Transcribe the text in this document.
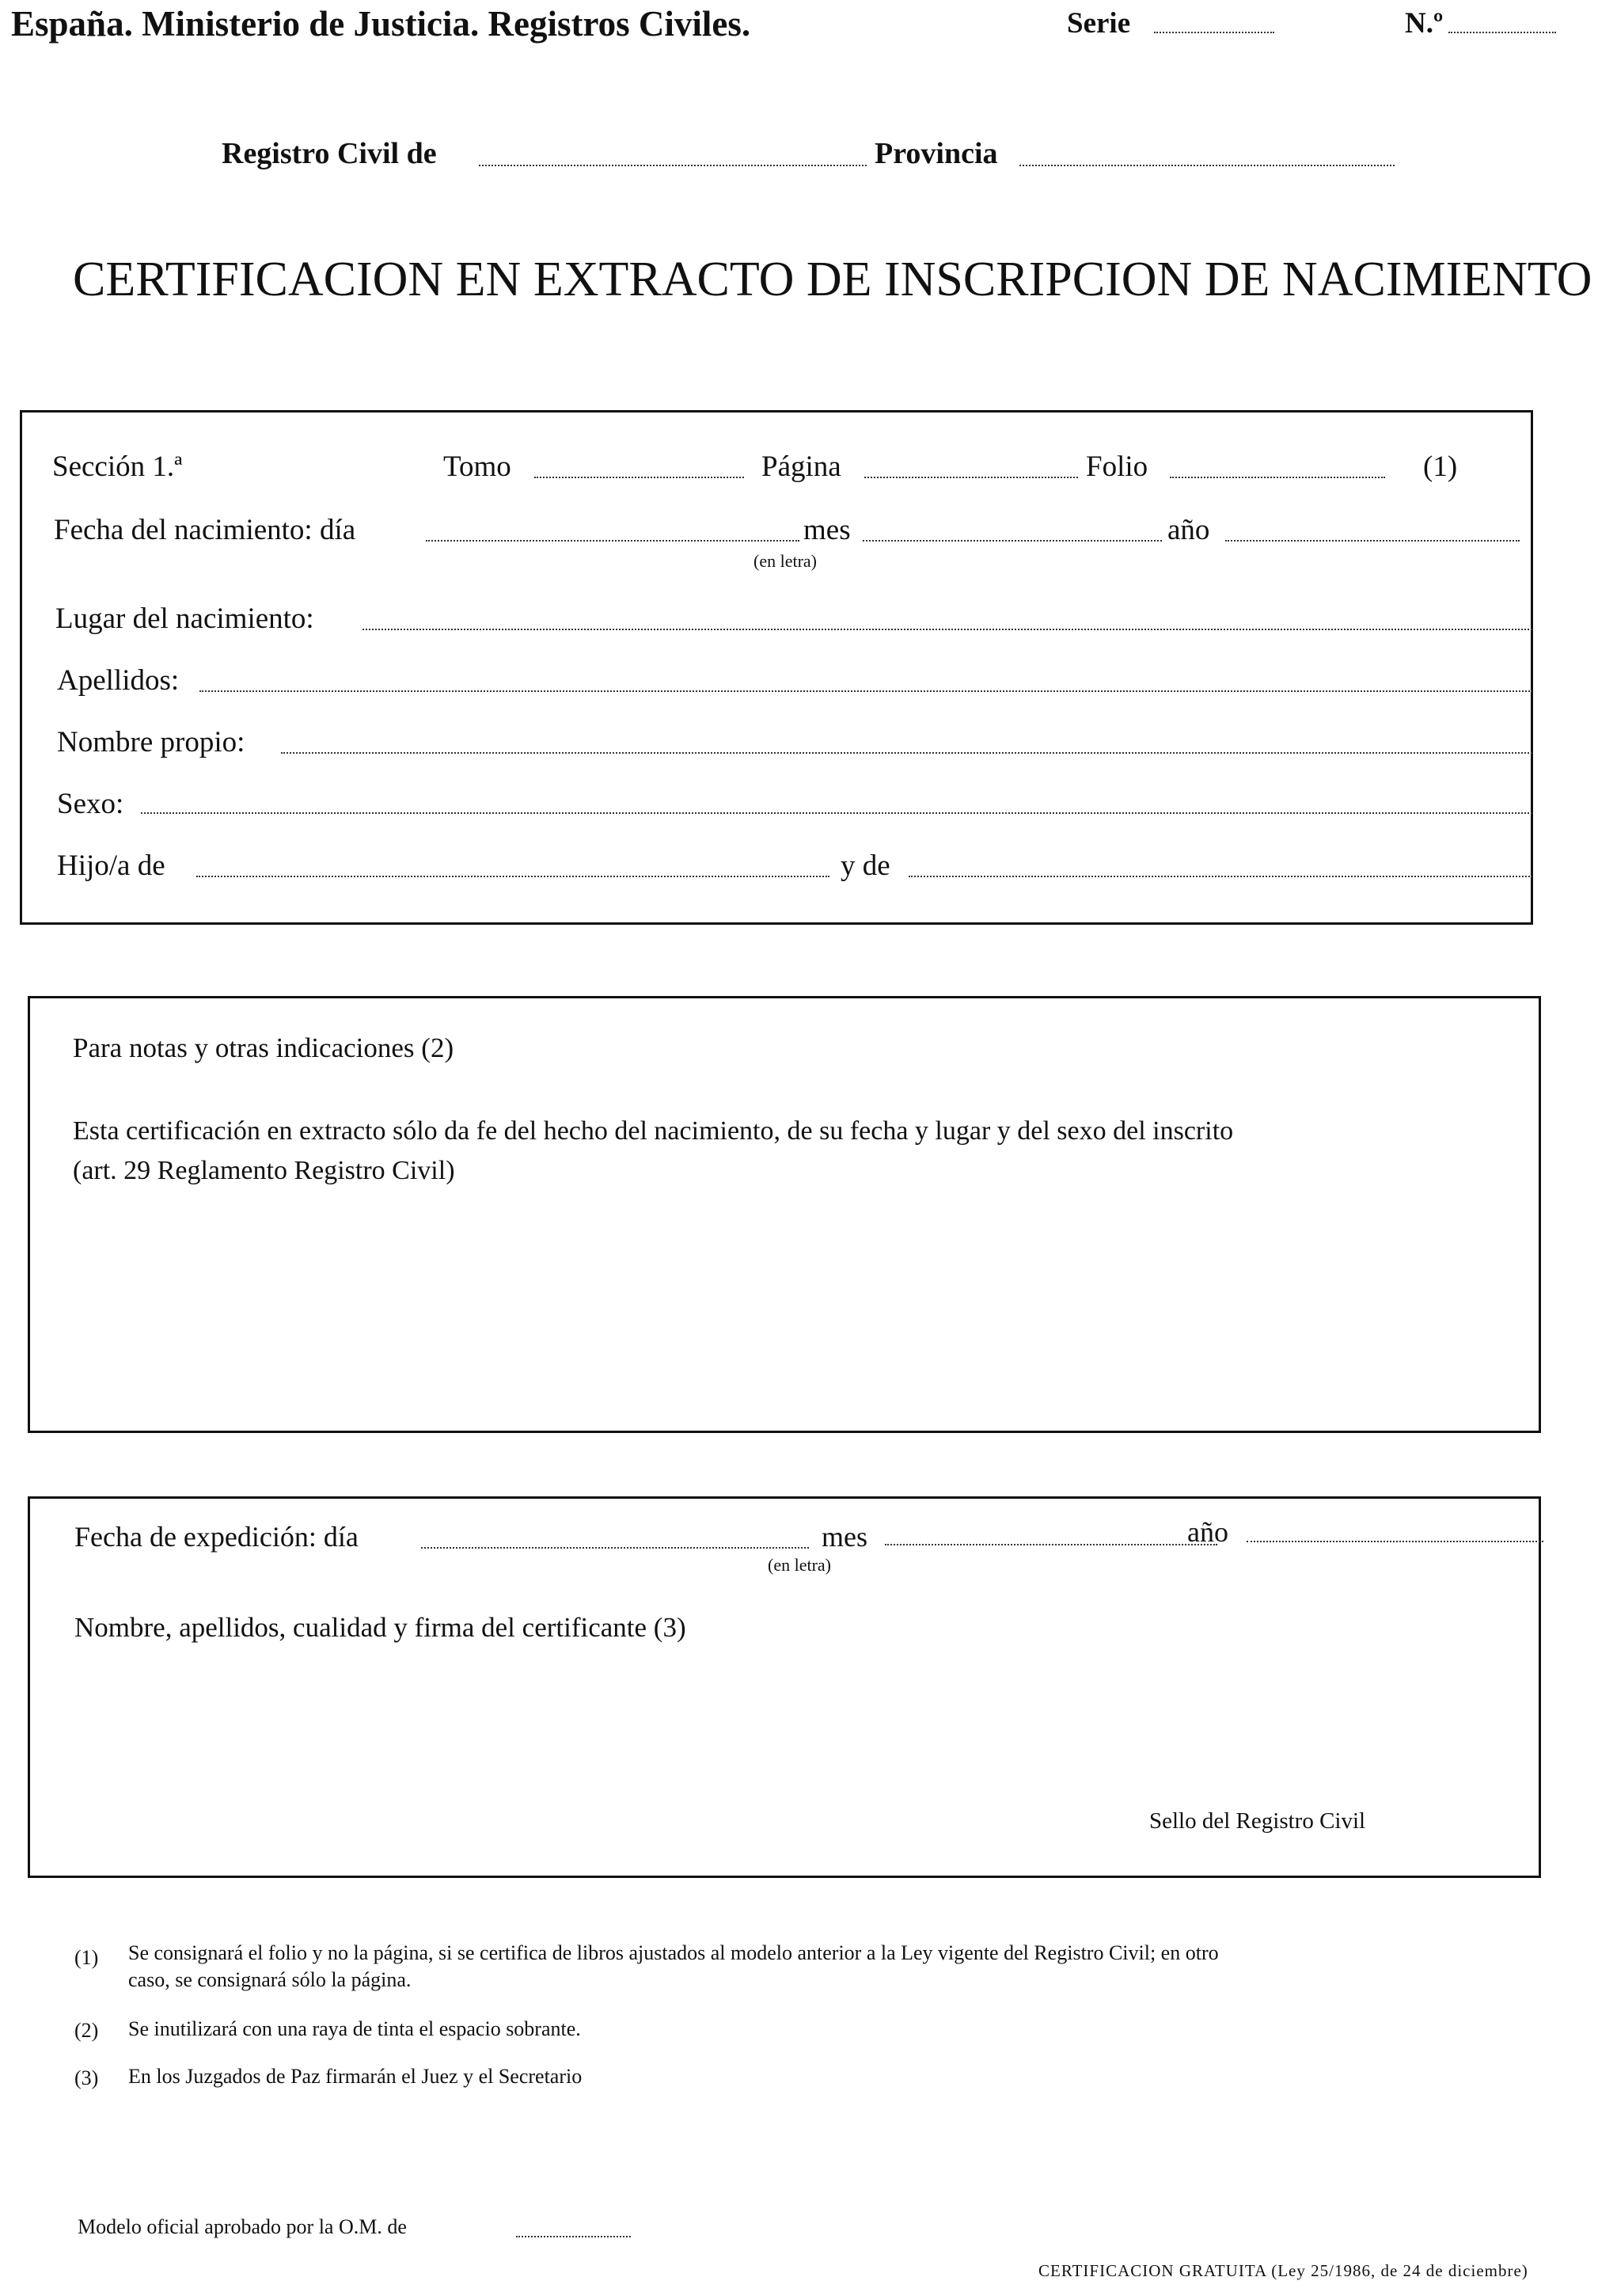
España. Ministerio de Justicia. Registros Civiles.	Serie	N.º
Registro Civil de	Provincia
CERTIFICACION EN EXTRACTO DE INSCRIPCION DE NACIMIENTO
Sección 1.ª	Tomo	Página	Folio	(1)
Fecha del nacimiento: día	mes	año
(en letra)
Lugar del nacimiento:
Apellidos:
Nombre propio:
Sexo:
Hijo/a de	y de
Para notas y otras indicaciones (2)
Esta certificación en extracto sólo da fe del hecho del nacimiento, de su fecha y lugar y del sexo del inscrito
(art. 29 Reglamento Registro Civil)
Fecha de expedición: día	mes	año
(en letra)
Nombre, apellidos, cualidad y firma del certificante (3)
Sello del Registro Civil
(1) Se consignará el folio y no la página, si se certifica de libros ajustados al modelo anterior a la Ley vigente del Registro Civil; en otro
caso, se consignará sólo la página.
(2) Se inutilizará con una raya de tinta el espacio sobrante.
(3) En los Juzgados de Paz firmarán el Juez y el Secretario
Modelo oficial aprobado por la O.M. de
CERTIFICACION GRATUITA (Ley 25/1986, de 24 de diciembre)
